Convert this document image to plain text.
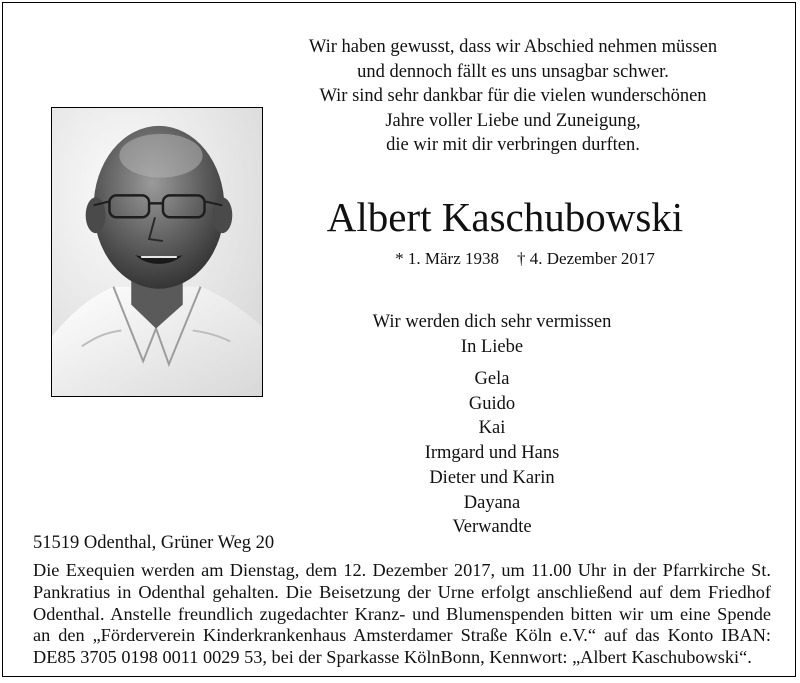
Wir haben gewusst, dass wir Abschied nehmen müssen
und dennoch fällt es uns unsagbar schwer.
Wir sind sehr dankbar für die vielen wunderschönen
Jahre voller Liebe und Zuneigung,
die wir mit dir verbringen durften.
Albert Kaschubowski
* 1. März 1938 † 4. Dezember 2017
Wir werden dich sehr vermissen
In Liebe
Gela
Guido
Kai
Irmgard und Hans
Dieter und Karin
Dayana
Verwandte
51519 Odenthal, Grüner Weg 20
Die Exequien werden am Dienstag, dem 12. Dezember 2017, um 11.00 Uhr in der Pfarrkirche St.
Pankratius in Odenthal gehalten. Die Beisetzung der Urne erfolgt anschließend auf dem Friedhof
Odenthal. Anstelle freundlich zugedachter Kranz- und Blumenspenden bitten wir um eine Spende
an den „Förderverein Kinderkrankenhaus Amsterdamer Straße Köln e.V.“ auf das Konto IBAN:
DE85 3705 0198 0011 0029 53, bei der Sparkasse KölnBonn, Kennwort: „Albert Kaschubowski“.
